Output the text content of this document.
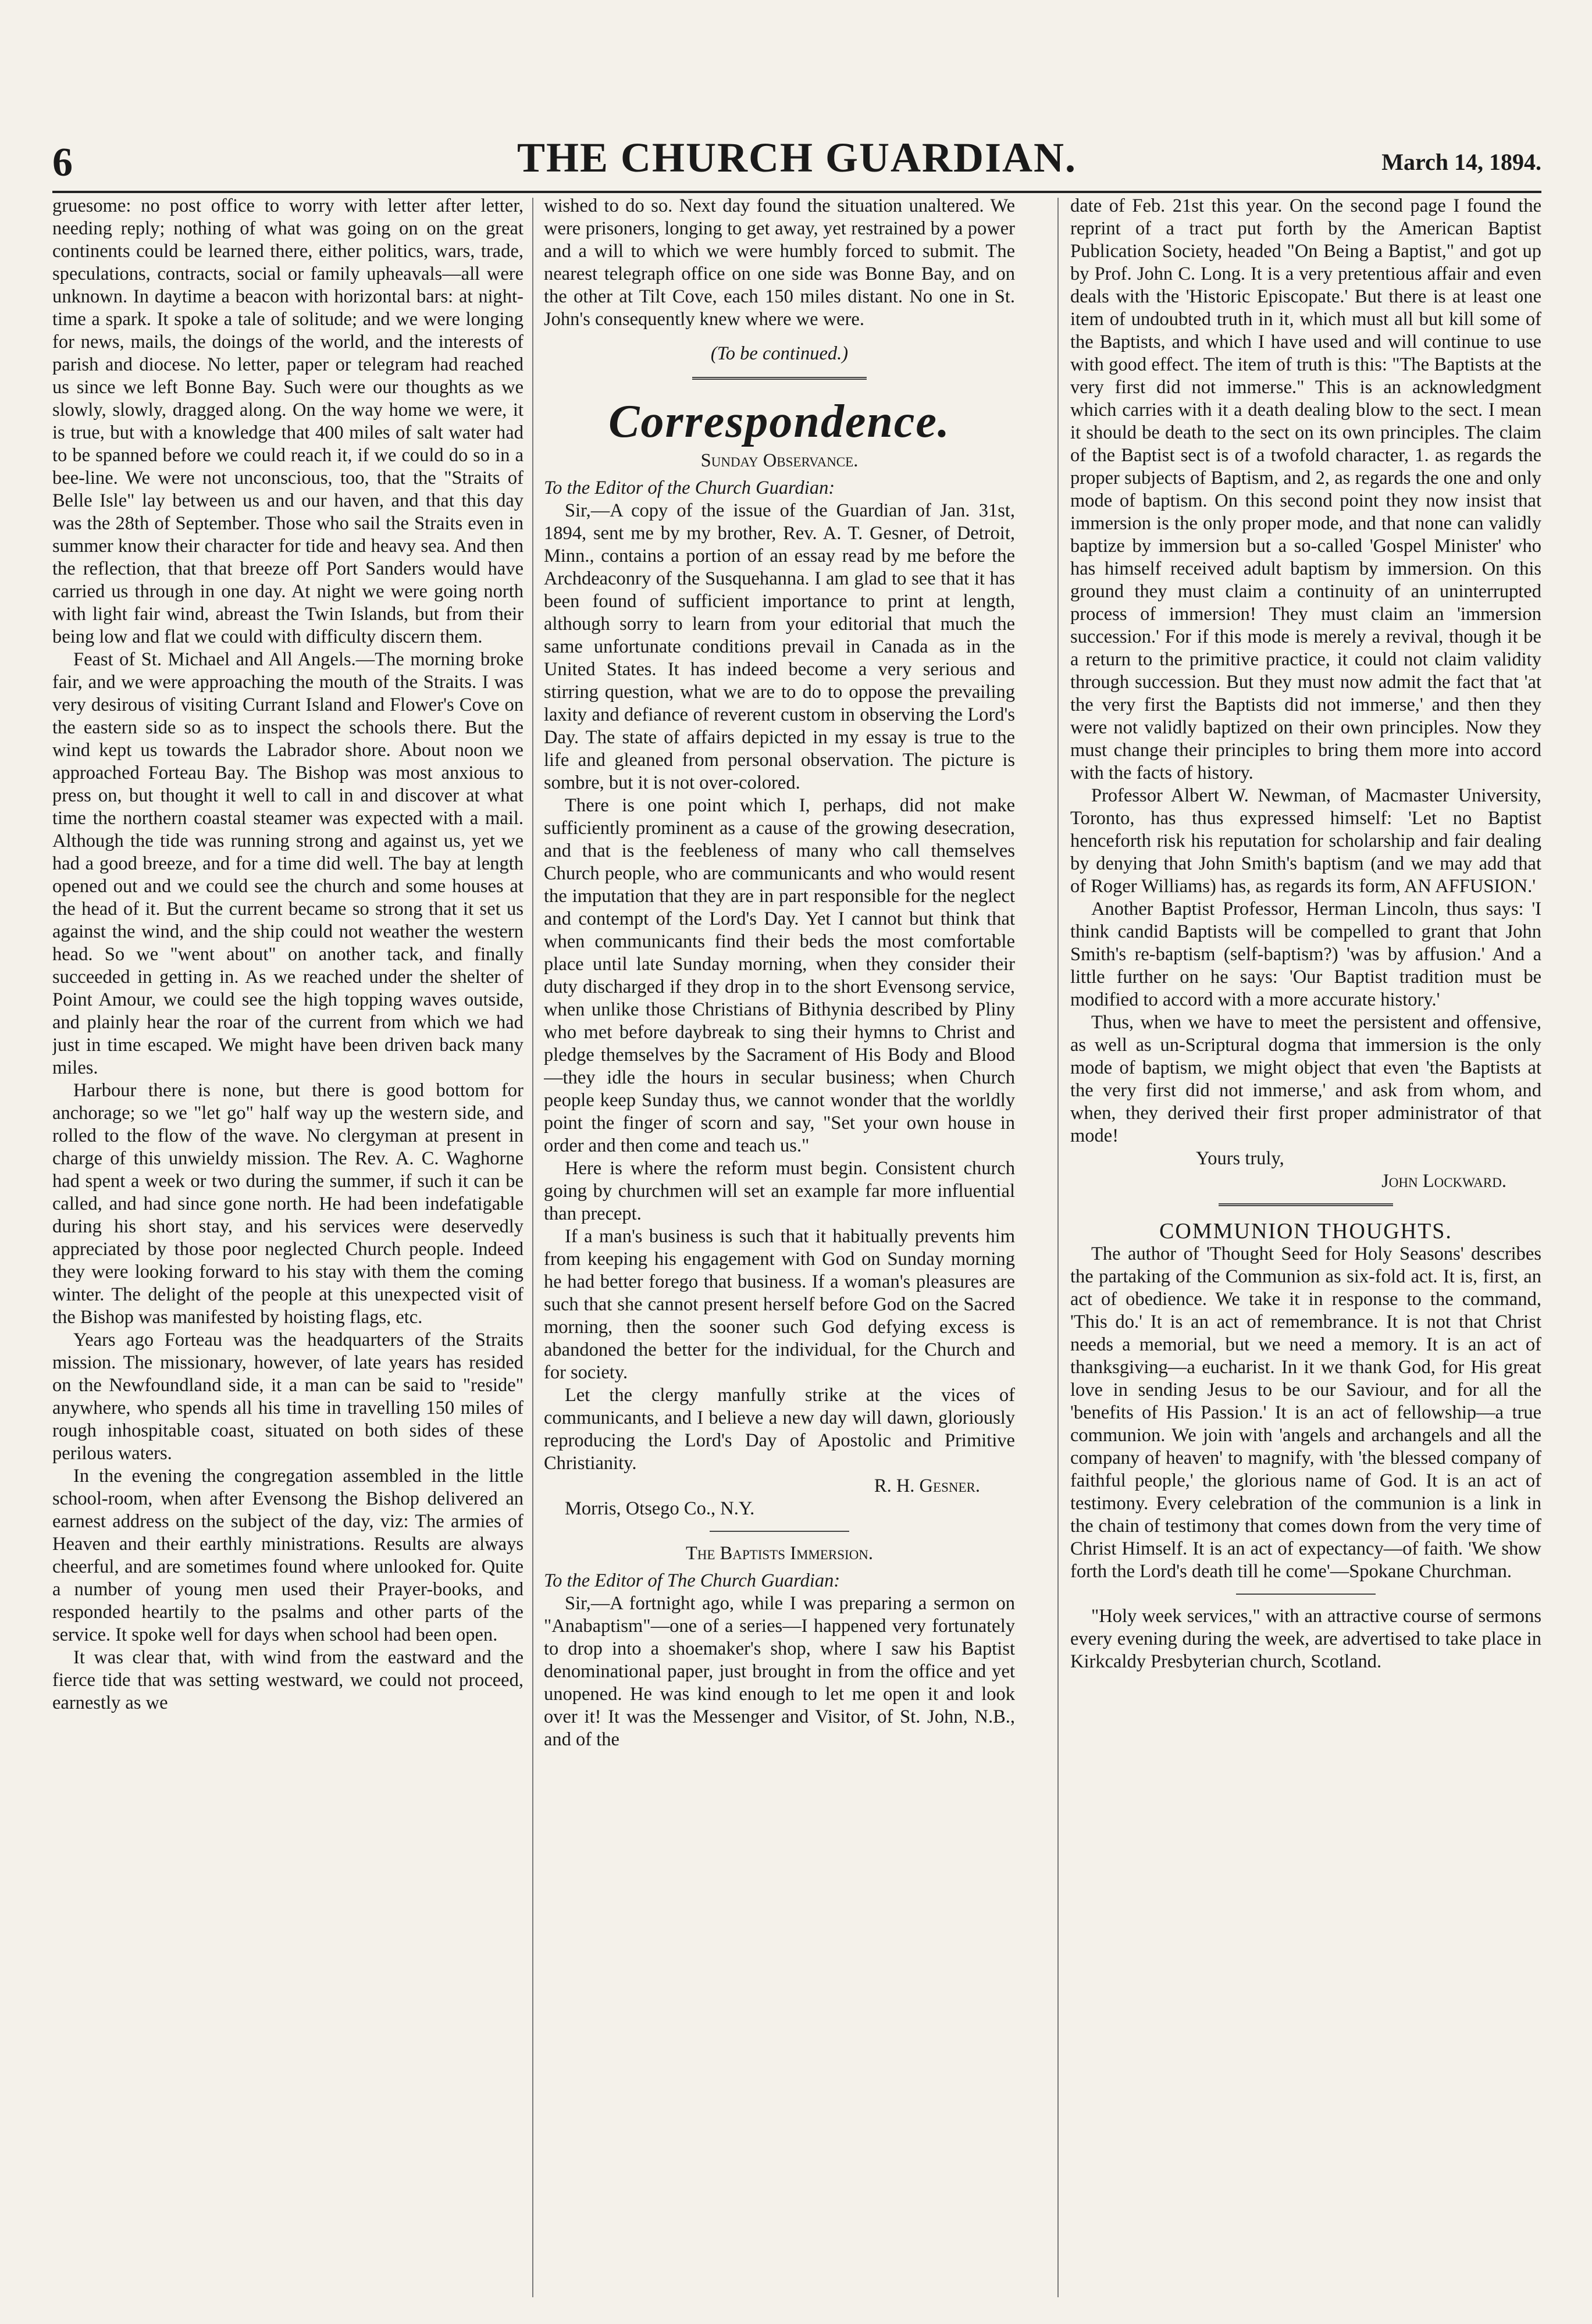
6	THE CHURCH GUARDIAN.	March 14, 1894.

gruesome: no post office to worry with letter after letter, needing reply; nothing of what was going on on the great continents could be learned there, either politics, wars, trade, speculations, contracts, social or family upheavals—all were unknown. In daytime a beacon with horizontal bars: at night-time a spark. It spoke a tale of solitude; and we were longing for news, mails, the doings of the world, and the interests of parish and diocese. No letter, paper or telegram had reached us since we left Bonne Bay. Such were our thoughts as we slowly, slowly, dragged along. On the way home we were, it is true, but with a knowledge that 400 miles of salt water had to be spanned before we could reach it, if we could do so in a bee-line. We were not unconscious, too, that the "Straits of Belle Isle" lay between us and our haven, and that this day was the 28th of September. Those who sail the Straits even in summer know their character for tide and heavy sea. And then the reflection, that that breeze off Port Sanders would have carried us through in one day. At night we were going north with light fair wind, abreast the Twin Islands, but from their being low and flat we could with difficulty discern them.

Feast of St. Michael and All Angels.—The morning broke fair, and we were approaching the mouth of the Straits. I was very desirous of visiting Currant Island and Flower's Cove on the eastern side so as to inspect the schools there. But the wind kept us towards the Labrador shore. About noon we approached Forteau Bay. The Bishop was most anxious to press on, but thought it well to call in and discover at what time the northern coastal steamer was expected with a mail. Although the tide was running strong and against us, yet we had a good breeze, and for a time did well. The bay at length opened out and we could see the church and some houses at the head of it. But the current became so strong that it set us against the wind, and the ship could not weather the western head. So we "went about" on another tack, and finally succeeded in getting in. As we reached under the shelter of Point Amour, we could see the high topping waves outside, and plainly hear the roar of the current from which we had just in time escaped. We might have been driven back many miles.

Harbour there is none, but there is good bottom for anchorage; so we "let go" half way up the western side, and rolled to the flow of the wave. No clergyman at present in charge of this unwieldy mission. The Rev. A. C. Waghorne had spent a week or two during the summer, if such it can be called, and had since gone north. He had been indefatigable during his short stay, and his services were deservedly appreciated by those poor neglected Church people. Indeed they were looking forward to his stay with them the coming winter. The delight of the people at this unexpected visit of the Bishop was manifested by hoisting flags, etc.

Years ago Forteau was the headquarters of the Straits mission. The missionary, however, of late years has resided on the Newfoundland side, it a man can be said to "reside" anywhere, who spends all his time in travelling 150 miles of rough inhospitable coast, situated on both sides of these perilous waters.

In the evening the congregation assembled in the little school-room, when after Evensong the Bishop delivered an earnest address on the subject of the day, viz: The armies of Heaven and their earthly ministrations. Results are always cheerful, and are sometimes found where unlooked for. Quite a number of young men used their Prayer-books, and responded heartily to the psalms and other parts of the service. It spoke well for days when school had been open.

It was clear that, with wind from the eastward and the fierce tide that was setting westward, we could not proceed, earnestly as we

wished to do so. Next day found the situation unaltered. We were prisoners, longing to get away, yet restrained by a power and a will to which we were humbly forced to submit. The nearest telegraph office on one side was Bonne Bay, and on the other at Tilt Cove, each 150 miles distant. No one in St. John's consequently knew where we were.

(To be continued.)

Correspondence.

Sunday Observance.

To the Editor of the Church Guardian:

Sir,—A copy of the issue of the Guardian of Jan. 31st, 1894, sent me by my brother, Rev. A. T. Gesner, of Detroit, Minn., contains a portion of an essay read by me before the Archdeaconry of the Susquehanna. I am glad to see that it has been found of sufficient importance to print at length, although sorry to learn from your editorial that much the same unfortunate conditions prevail in Canada as in the United States. It has indeed become a very serious and stirring question, what we are to do to oppose the prevailing laxity and defiance of reverent custom in observing the Lord's Day. The state of affairs depicted in my essay is true to the life and gleaned from personal observation. The picture is sombre, but it is not over-colored.

There is one point which I, perhaps, did not make sufficiently prominent as a cause of the growing desecration, and that is the feebleness of many who call themselves Church people, who are communicants and who would resent the imputation that they are in part responsible for the neglect and contempt of the Lord's Day. Yet I cannot but think that when communicants find their beds the most comfortable place until late Sunday morning, when they consider their duty discharged if they drop in to the short Evensong service, when unlike those Christians of Bithynia described by Pliny who met before daybreak to sing their hymns to Christ and pledge themselves by the Sacrament of His Body and Blood—they idle the hours in secular business; when Church people keep Sunday thus, we cannot wonder that the worldly point the finger of scorn and say, "Set your own house in order and then come and teach us."

Here is where the reform must begin. Consistent church going by churchmen will set an example far more influential than precept.

If a man's business is such that it habitually prevents him from keeping his engagement with God on Sunday morning he had better forego that business. If a woman's pleasures are such that she cannot present herself before God on the Sacred morning, then the sooner such God defying excess is abandoned the better for the individual, for the Church and for society.

Let the clergy manfully strike at the vices of communicants, and I believe a new day will dawn, gloriously reproducing the Lord's Day of Apostolic and Primitive Christianity.

R. H. Gesner.

Morris, Otsego Co., N.Y.

The Baptists Immersion.

To the Editor of The Church Guardian:

Sir,—A fortnight ago, while I was preparing a sermon on "Anabaptism"—one of a series—I happened very fortunately to drop into a shoemaker's shop, where I saw his Baptist denominational paper, just brought in from the office and yet unopened. He was kind enough to let me open it and look over it! It was the Messenger and Visitor, of St. John, N.B., and of the

date of Feb. 21st this year. On the second page I found the reprint of a tract put forth by the American Baptist Publication Society, headed "On Being a Baptist," and got up by Prof. John C. Long. It is a very pretentious affair and even deals with the 'Historic Episcopate.' But there is at least one item of undoubted truth in it, which must all but kill some of the Baptists, and which I have used and will continue to use with good effect. The item of truth is this: "The Baptists at the very first did not immerse." This is an acknowledgment which carries with it a death dealing blow to the sect. I mean it should be death to the sect on its own principles. The claim of the Baptist sect is of a twofold character, 1. as regards the proper subjects of Baptism, and 2, as regards the one and only mode of baptism. On this second point they now insist that immersion is the only proper mode, and that none can validly baptize by immersion but a so-called 'Gospel Minister' who has himself received adult baptism by immersion. On this ground they must claim a continuity of an uninterrupted process of immersion! They must claim an 'immersion succession.' For if this mode is merely a revival, though it be a return to the primitive practice, it could not claim validity through succession. But they must now admit the fact that 'at the very first the Baptists did not immerse,' and then they were not validly baptized on their own principles. Now they must change their principles to bring them more into accord with the facts of history.

Professor Albert W. Newman, of Macmaster University, Toronto, has thus expressed himself: 'Let no Baptist henceforth risk his reputation for scholarship and fair dealing by denying that John Smith's baptism (and we may add that of Roger Williams) has, as regards its form, AN AFFUSION.'

Another Baptist Professor, Herman Lincoln, thus says: 'I think candid Baptists will be compelled to grant that John Smith's re-baptism (self-baptism?) 'was by affusion.' And a little further on he says: 'Our Baptist tradition must be modified to accord with a more accurate history.'

Thus, when we have to meet the persistent and offensive, as well as un-Scriptural dogma that immersion is the only mode of baptism, we might object that even 'the Baptists at the very first did not immerse,' and ask from whom, and when, they derived their first proper administrator of that mode!

Yours truly,

John Lockward.

COMMUNION THOUGHTS.

The author of 'Thought Seed for Holy Seasons' describes the partaking of the Communion as six-fold act. It is, first, an act of obedience. We take it in response to the command, 'This do.' It is an act of remembrance. It is not that Christ needs a memorial, but we need a memory. It is an act of thanksgiving—a eucharist. In it we thank God, for His great love in sending Jesus to be our Saviour, and for all the 'benefits of His Passion.' It is an act of fellowship—a true communion. We join with 'angels and archangels and all the company of heaven' to magnify, with 'the blessed company of faithful people,' the glorious name of God. It is an act of testimony. Every celebration of the communion is a link in the chain of testimony that comes down from the very time of Christ Himself. It is an act of expectancy—of faith. 'We show forth the Lord's death till he come'—Spokane Churchman.

"Holy week services," with an attractive course of sermons every evening during the week, are advertised to take place in Kirkcaldy Presbyterian church, Scotland.
